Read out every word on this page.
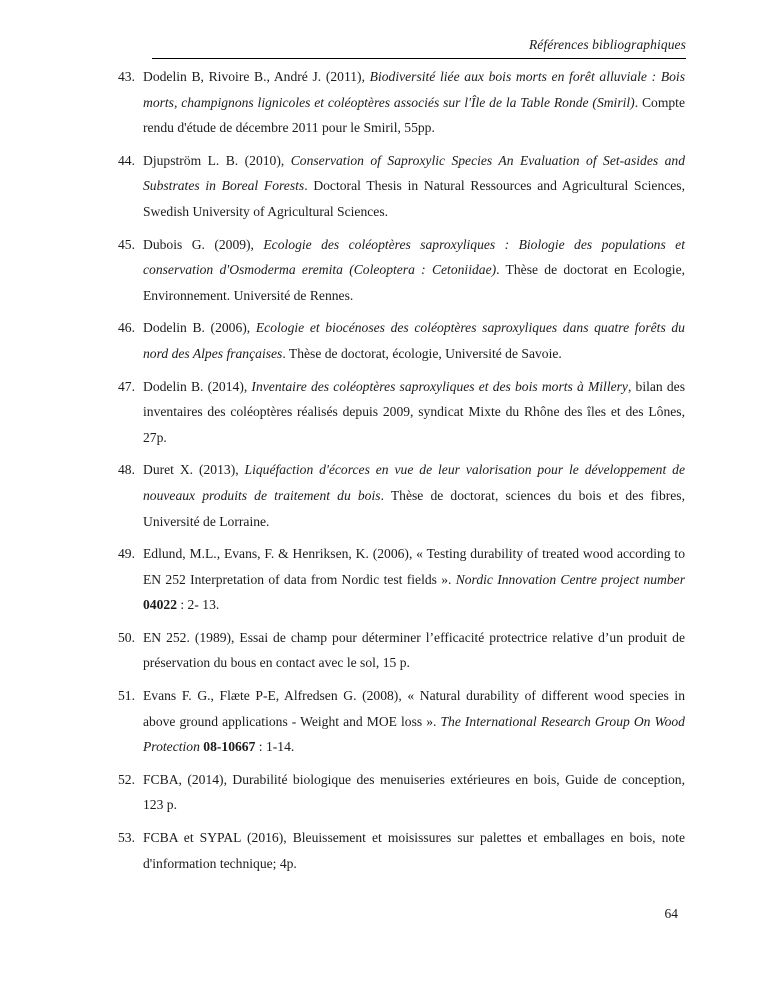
Références bibliographiques
43. Dodelin B, Rivoire B., André J. (2011), Biodiversité liée aux bois morts en forêt alluviale : Bois morts, champignons lignicoles et coléoptères associés sur l'Île de la Table Ronde (Smiril). Compte rendu d'étude de décembre 2011 pour le Smiril, 55pp.
44. Djupström L. B. (2010), Conservation of Saproxylic Species An Evaluation of Set-asides and Substrates in Boreal Forests. Doctoral Thesis in Natural Ressources and Agricultural Sciences, Swedish University of Agricultural Sciences.
45. Dubois G. (2009), Ecologie des coléoptères saproxyliques : Biologie des populations et conservation d'Osmoderma eremita (Coleoptera : Cetoniidae). Thèse de doctorat en Ecologie, Environnement. Université de Rennes.
46. Dodelin B. (2006), Ecologie et biocénoses des coléoptères saproxyliques dans quatre forêts du nord des Alpes françaises. Thèse de doctorat, écologie, Université de Savoie.
47. Dodelin B. (2014), Inventaire des coléoptères saproxyliques et des bois morts à Millery, bilan des inventaires des coléoptères réalisés depuis 2009, syndicat Mixte du Rhône des îles et des Lônes, 27p.
48. Duret X. (2013), Liquéfaction d'écorces en vue de leur valorisation pour le développement de nouveaux produits de traitement du bois. Thèse de doctorat, sciences du bois et des fibres, Université de Lorraine.
49. Edlund, M.L., Evans, F. & Henriksen, K. (2006), « Testing durability of treated wood according to EN 252 Interpretation of data from Nordic test fields ». Nordic Innovation Centre project number 04022 : 2- 13.
50. EN 252. (1989), Essai de champ pour déterminer l’efficacité protectrice relative d’un produit de préservation du bous en contact avec le sol, 15 p.
51. Evans F. G., Flæte P-E, Alfredsen G. (2008), « Natural durability of different wood species in above ground applications - Weight and MOE loss ». The International Research Group On Wood Protection 08-10667 : 1-14.
52. FCBA, (2014), Durabilité biologique des menuiseries extérieures en bois, Guide de conception, 123 p.
53. FCBA et SYPAL (2016), Bleuissement et moisissures sur palettes et emballages en bois, note d'information technique; 4p.
64
